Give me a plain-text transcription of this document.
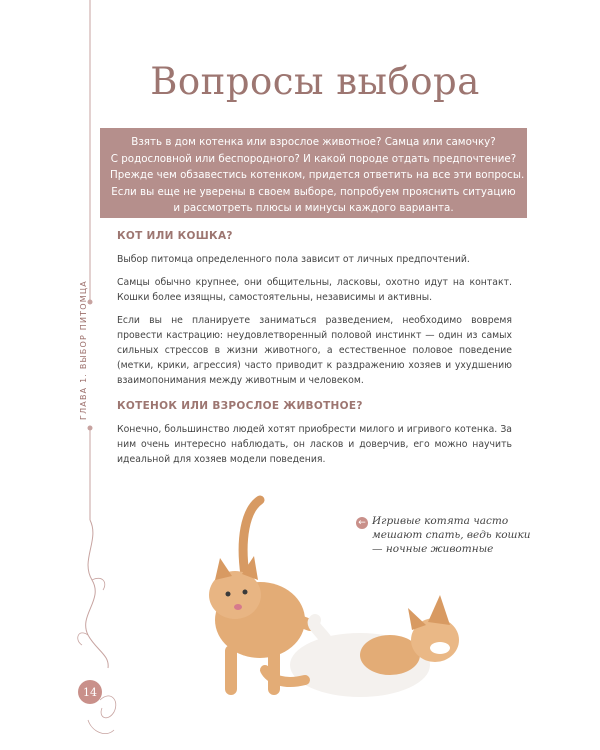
ГЛАВА 1. ВЫБОР ПИТОМЦА
14
Вопросы выбора
Взять в дом котенка или взрослое животное? Самца или самочку?
С родословной или беспородного? И какой породе отдать предпочтение?
Прежде чем обзавестись котенком, придется ответить на все эти вопросы.
Если вы еще не уверены в своем выборе, попробуем прояснить ситуацию
и рассмотреть плюсы и минусы каждого варианта.
КОТ ИЛИ КОШКА?

Выбор питомца определенного пола зависит от личных предпочтений.

Самцы обычно крупнее, они общительны, ласковы, охотно идут на контакт. Кошки более изящны, самостоятельны, независимы и активны.

Если вы не планируете заниматься разведением, необходимо вовремя провести кастрацию: неудовлетворенный половой инстинкт — один из самых сильных стрессов в жизни животного, а естественное половое поведение (метки, крики, агрессия) часто приводит к раздражению хозяев и ухудшению взаимопонимания между животным и человеком.

КОТЕНОК ИЛИ ВЗРОСЛОЕ ЖИВОТНОЕ?

Конечно, большинство людей хотят приобрести милого и игривого котенка. За ним очень интересно наблюдать, он ласков и доверчив, его можно научить идеальной для хозяев модели поведения.

← Игривые котята часто мешают спать, ведь кошки — ночные животные
